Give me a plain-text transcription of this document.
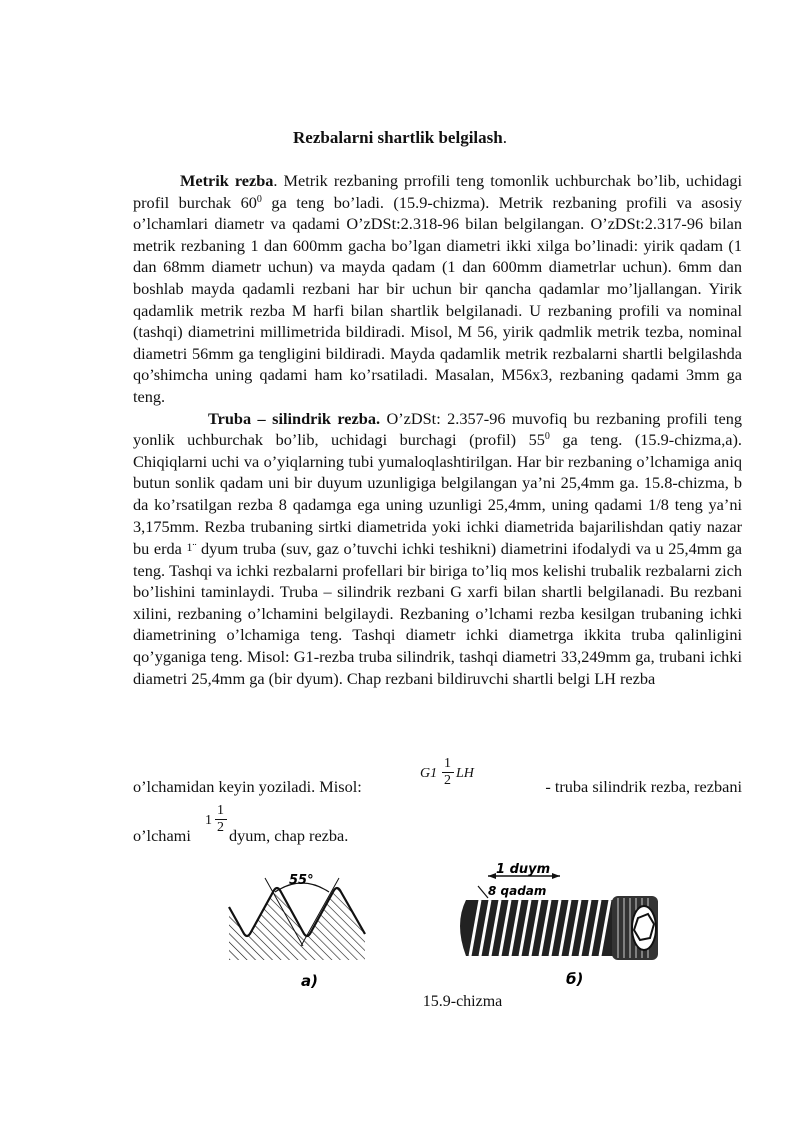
Rezbalarni shartlik belgilash.

Metrik rezba. Metrik rezbaning prrofili teng tomonlik uchburchak bo’lib, uchidagi profil burchak $60^0$ ga teng bo’ladi. (15.9-chizma). Metrik rezbaning profili va asosiy o’lchamlari diametr va qadami O’zDSt:2.318-96 bilan belgilangan. O’zDSt:2.317-96 bilan metrik rezbaning 1 dan 600mm gacha bo’lgan diametri ikki xilga bo’linadi: yirik qadam (1 dan 68mm diametr uchun) va mayda qadam (1 dan 600mm diametrlar uchun). 6mm dan boshlab mayda qadamli rezbani har bir uchun bir qancha qadamlar mo’ljallangan. Yirik qadamlik metrik rezba M harfi bilan shartlik belgilanadi. U rezbaning profili va nominal (tashqi) diametrini millimetrida bildiradi. Misol, M 56, yirik qadmlik metrik tezba, nominal diametri 56mm ga tengligini bildiradi. Mayda qadamlik metrik rezbalarni shartli belgilashda qo’shimcha uning qadami ham ko’rsatiladi. Masalan, M56x3, rezbaning qadami 3mm ga teng.

Truba – silindrik rezba. O’zDSt: 2.357-96 muvofiq bu rezbaning profili teng yonlik uchburchak bo’lib, uchidagi burchagi (profil) $55^0$ ga teng. (15.9-chizma,a). Chiqiqlarni uchi va o’yiqlarning tubi yumaloqlashtirilgan. Har bir rezbaning o’lchamiga aniq butun sonlik qadam uni bir duyum uzunligiga belgilangan ya’ni 25,4mm ga. 15.8-chizma, b da ko’rsatilgan rezba 8 qadamga ega uning uzunligi 25,4mm, uning qadami 1/8 teng ya’ni 3,175mm. Rezba trubaning sirtki diametrida yoki ichki diametrida bajarilishdan qatiy nazar bu erda 1¨ dyum truba (suv, gaz o’tuvchi ichki teshikni) diametrini ifodalydi va u 25,4mm ga teng. Tashqi va ichki rezbalarni profellari bir biriga to’liq mos kelishi trubalik rezbalarni zich bo’lishini taminlaydi. Truba – silindrik rezbani G xarfi bilan shartli belgilanadi. Bu rezbani xilini, rezbaning o’lchamini belgilaydi. Rezbaning o’lchami rezba kesilgan trubaning ichki diametrining o’lchamiga teng. Tashqi diametr ichki diametrga ikkita truba qalinligini qo’yganiga teng. Misol: G1-rezba truba silindrik, tashqi diametri 33,249mm ga, trubani ichki diametri 25,4mm ga (bir dyum). Chap rezbani bildiruvchi shartli belgi LH rezba

o’lchamidan keyin yoziladi. Misol:	- truba silindrik rezba, rezbani
G1
1
2 LH
o’lchami dyum, chap rezba.
1
1
2
55°
a)
1 duym
8 qadam
б)
15.9-chizma
